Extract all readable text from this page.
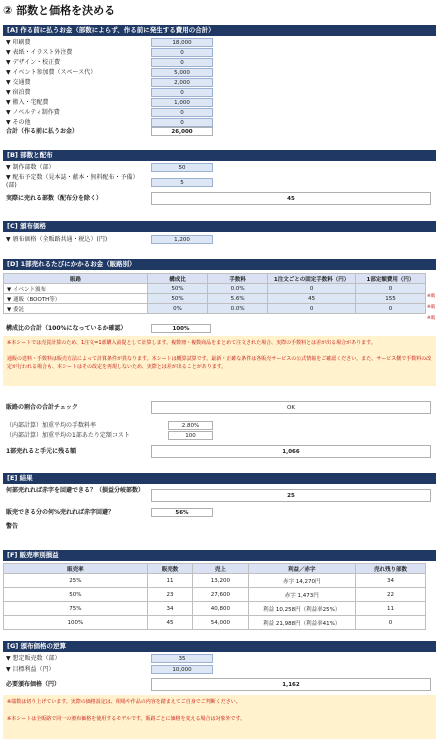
② 部数と価格を決める
[A] 作る前に払うお金（部数によらず、作る前に発生する費用の合計）
▼ 印刷費	18,000
▼ 表紙・イラスト外注費	0
▼ デザイン・校正費	0
▼ イベント参加費（スペース代）	5,000
▼ 交通費	2,000
▼ 宿泊費	0
▼ 搬入・宅配費	1,000
▼ ノベルティ制作費	0
▼ その他	0
合計（作る前に払うお金）	26,000
[B] 部数と配布
▼ 制作部数（部）	50
▼ 配布予定数（見本誌・献本・無料配布・予備）(部)	5
実際に売れる部数（配布分を除く）	45
[C] 頒布価格
▼ 頒布価格（全販路共通・税込）(円)	1,200
[D] 1部売れるたびにかかるお金（販路別）
販路	構成比	手数料	1注文ごとの固定手数料（円）	1部定額費用（円）
▼ イベント頒布	50%	0.0%	0	0
▼ 通販（BOOTH等）	50%	5.6%	45	155
▼ 委託	0%	0.0%	0	0
※販
※販
※販
構成比の合計（100%になっているか確認）	100%
※本シートでは売買計算のため、1注文=1部購入前提として計算します。複数冊・複数商品をまとめて注文された場合、実際の手数料とは差が出る場合があります。
通販の送料・手数料は販売方法によって計算条件が異なります。本シートは概算試算です。最新・正確な条件は各販売サービスの公式情報をご確認ください。また、サービス側で手数料の改定が行われる場合も、本シートはその改定を再現しないため、実際とは差が出ることがあります。
販路の割合の合計チェック	OK
（内部計算）加重平均の手数料率	2.80%
（内部計算）加重平均の1部あたり定額コスト	100
1部売れると手元に残る額	1,066
[E] 結果
何部売れれば赤字を回避できる？（損益分岐部数）
25
販売できる分の何%売れれば赤字回避？	56%
警告
[F] 販売率別損益
販売率	販売数	売上	利益／赤字	売れ残り部数
25%	11	13,200	赤字 14,270円	34
50%	23	27,600	赤字 1,473円	22
75%	34	40,800	利益 10,258円（利益率25%）	11
100%	45	54,000	利益 21,988円（利益率41%）	0
[G] 頒布価格の逆算
▼ 想定販売数（部）	35
▼ 目標利益（円）	10,000
必要頒布価格（円）	1,162
※端数は切り上げています。実際の価格設定は、相場や作品の内容を踏まえてご自身でご判断ください。
※本シートは全販路で同一の頒布価格を使用するモデルです。販路ごとに価格を変える場合は対象外です。
